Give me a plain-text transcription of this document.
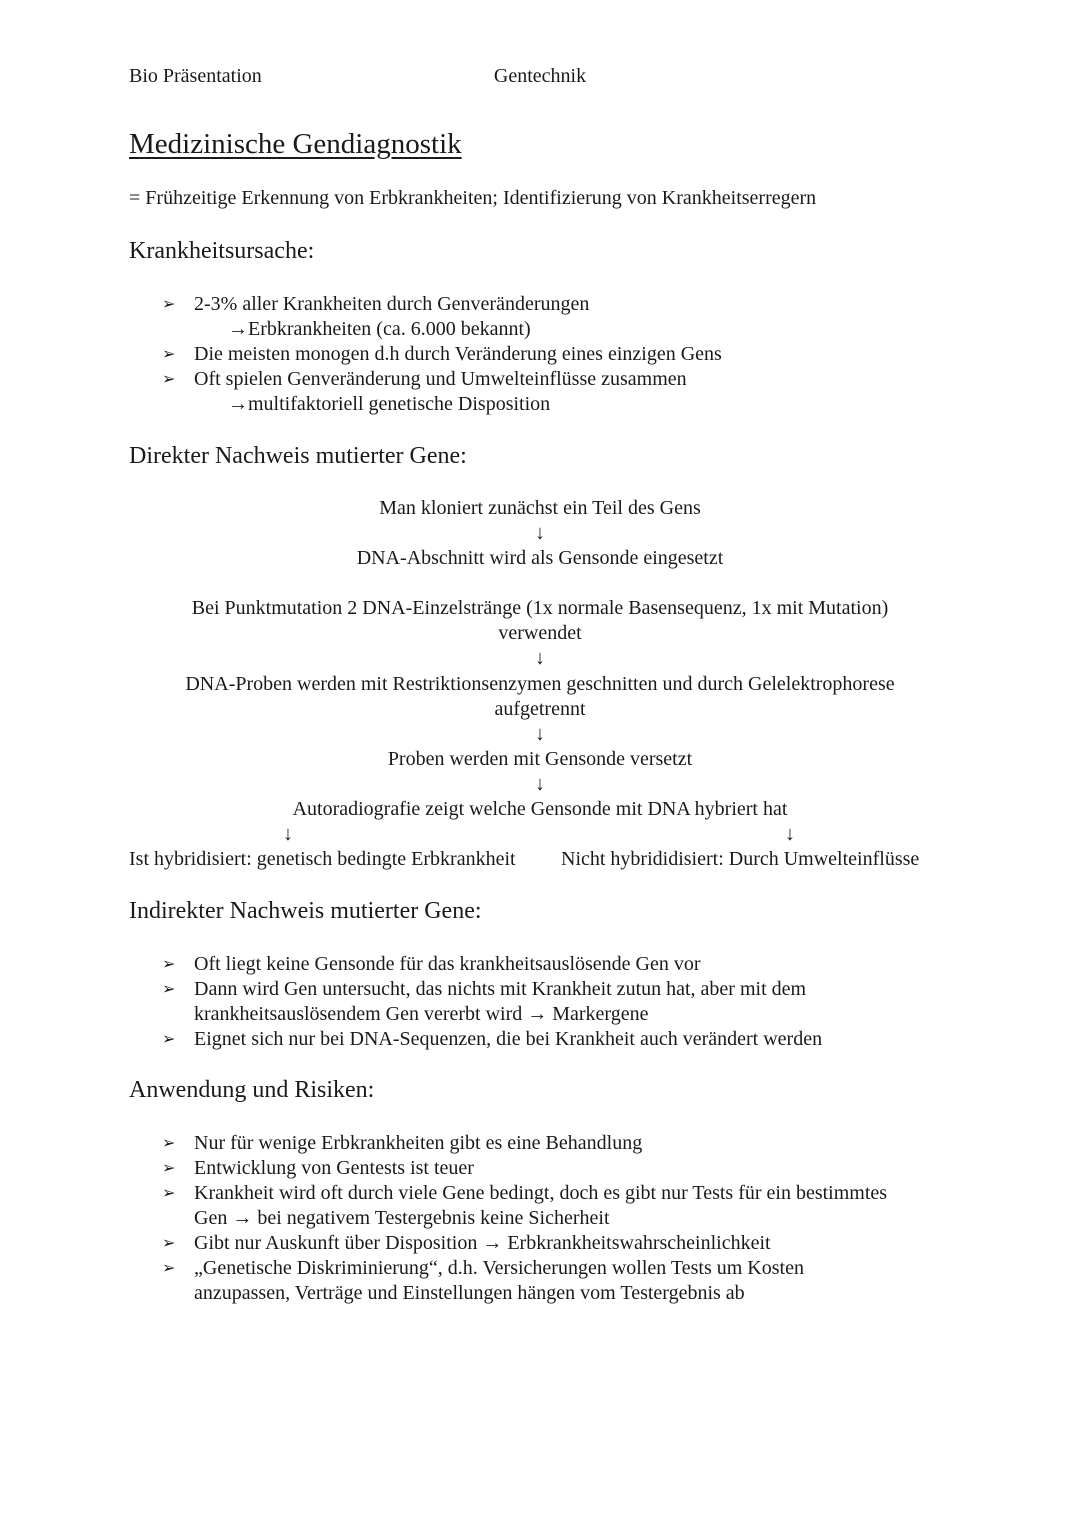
Bio Präsentation	Gentechnik
Medizinische Gendiagnostik
= Frühzeitige Erkennung von Erbkrankheiten; Identifizierung von Krankheitserregern
Krankheitsursache:
➢ 2-3% aller Krankheiten durch Genveränderungen
→Erbkrankheiten (ca. 6.000 bekannt)
➢ Die meisten monogen d.h durch Veränderung eines einzigen Gens
➢ Oft spielen Genveränderung und Umwelteinflüsse zusammen
→multifaktoriell genetische Disposition
Direkter Nachweis mutierter Gene:
Man kloniert zunächst ein Teil des Gens
↓
DNA-Abschnitt wird als Gensonde eingesetzt
Bei Punktmutation 2 DNA-Einzelstränge (1x normale Basensequenz, 1x mit Mutation)
verwendet
↓
DNA-Proben werden mit Restriktionsenzymen geschnitten und durch Gelelektrophorese
aufgetrennt
↓
Proben werden mit Gensonde versetzt
↓
Autoradiografie zeigt welche Gensonde mit DNA hybriert hat
↓	↓
Ist hybridisiert: genetisch bedingte Erbkrankheit Nicht hybrididisiert: Durch Umwelteinflüsse
Indirekter Nachweis mutierter Gene:
➢ Oft liegt keine Gensonde für das krankheitsauslösende Gen vor
➢ Dann wird Gen untersucht, das nichts mit Krankheit zutun hat, aber mit dem
krankheitsauslösendem Gen vererbt wird → Markergene
➢ Eignet sich nur bei DNA-Sequenzen, die bei Krankheit auch verändert werden
Anwendung und Risiken:
➢ Nur für wenige Erbkrankheiten gibt es eine Behandlung
➢ Entwicklung von Gentests ist teuer
➢ Krankheit wird oft durch viele Gene bedingt, doch es gibt nur Tests für ein bestimmtes
Gen → bei negativem Testergebnis keine Sicherheit
➢ Gibt nur Auskunft über Disposition → Erbkrankheitswahrscheinlichkeit
➢ „Genetische Diskriminierung“, d.h. Versicherungen wollen Tests um Kosten
anzupassen, Verträge und Einstellungen hängen vom Testergebnis ab
